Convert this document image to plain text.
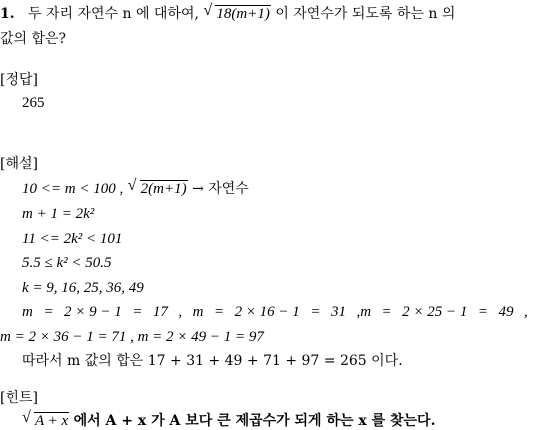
1. 두 자리 자연수 n 에 대하여, √ 18(m+1) 이 자연수가 되도록 하는 n 의
값의 합은?
[정답]
265
[해설]
10 <= m < 100 , √ 2(m+1) → 자연수
m + 1 = 2k²
11 <= 2k² < 101
5.5 ≤ k² < 50.5
k = 9, 16, 25, 36, 49
m = 2 × 9 − 1 = 17 , m = 2 × 16 − 1 = 31 ,m = 2 × 25 − 1 = 49 ,
m = 2 × 36 − 1 = 71 , m = 2 × 49 − 1 = 97
따라서 m 값의 합은 17 + 31 + 49 + 71 + 97 = 265 이다.
[힌트]
√ A + x 에서 A + x 가 A 보다 큰 제곱수가 되게 하는 x 를 찾는다.
